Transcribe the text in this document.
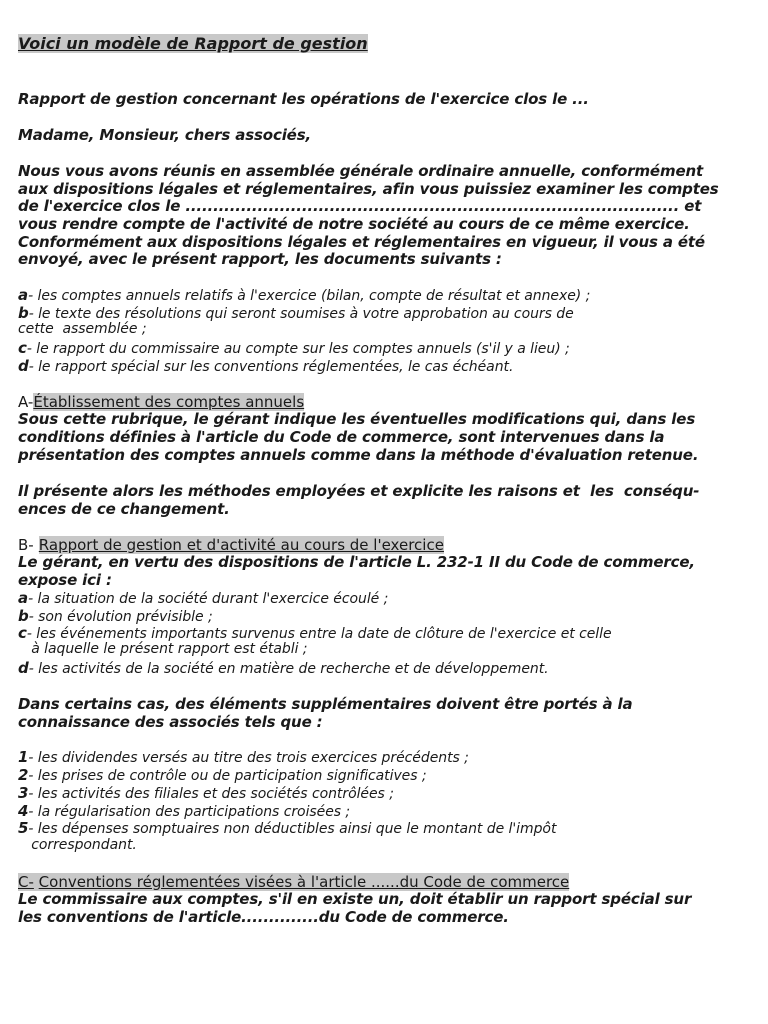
Voici un modèle de Rapport de gestion
Rapport de gestion concernant les opérations de l'exercice clos le ...
Madame, Monsieur, chers associés,
Nous vous avons réunis en assemblée générale ordinaire annuelle, conformément
aux dispositions légales et réglementaires, afin vous puissiez examiner les comptes
de l'exercice clos le ......................................................................................... et
vous rendre compte de l'activité de notre société au cours de ce même exercice.
Conformément aux dispositions légales et réglementaires en vigueur, il vous a été
envoyé, avec le présent rapport, les documents suivants :
a- les comptes annuels relatifs à l'exercice (bilan, compte de résultat et annexe) ;
b- le texte des résolutions qui seront soumises à votre approbation au cours de
cette  assemblée ;
c- le rapport du commissaire au compte sur les comptes annuels (s'il y a lieu) ;
d- le rapport spécial sur les conventions réglementées, le cas échéant.
A-Établissement des comptes annuels
Sous cette rubrique, le gérant indique les éventuelles modifications qui, dans les
conditions définies à l'article du Code de commerce, sont intervenues dans la
présentation des comptes annuels comme dans la méthode d'évaluation retenue.
Il présente alors les méthodes employées et explicite les raisons et  les  conséqu-
ences de ce changement.
B- Rapport de gestion et d'activité au cours de l'exercice
Le gérant, en vertu des dispositions de l'article L. 232-1 II du Code de commerce,
expose ici :
a- la situation de la société durant l'exercice écoulé ;
b- son évolution prévisible ;
c- les événements importants survenus entre la date de clôture de l'exercice et celle
à laquelle le présent rapport est établi ;
d- les activités de la société en matière de recherche et de développement.
Dans certains cas, des éléments supplémentaires doivent être portés à la
connaissance des associés tels que :
1- les dividendes versés au titre des trois exercices précédents ;
2- les prises de contrôle ou de participation significatives ;
3- les activités des filiales et des sociétés contrôlées ;
4- la régularisation des participations croisées ;
5- les dépenses somptuaires non déductibles ainsi que le montant de l'impôt
correspondant.
C- Conventions réglementées visées à l'article ......du Code de commerce
Le commissaire aux comptes, s'il en existe un, doit établir un rapport spécial sur
les conventions de l'article..............du Code de commerce.
